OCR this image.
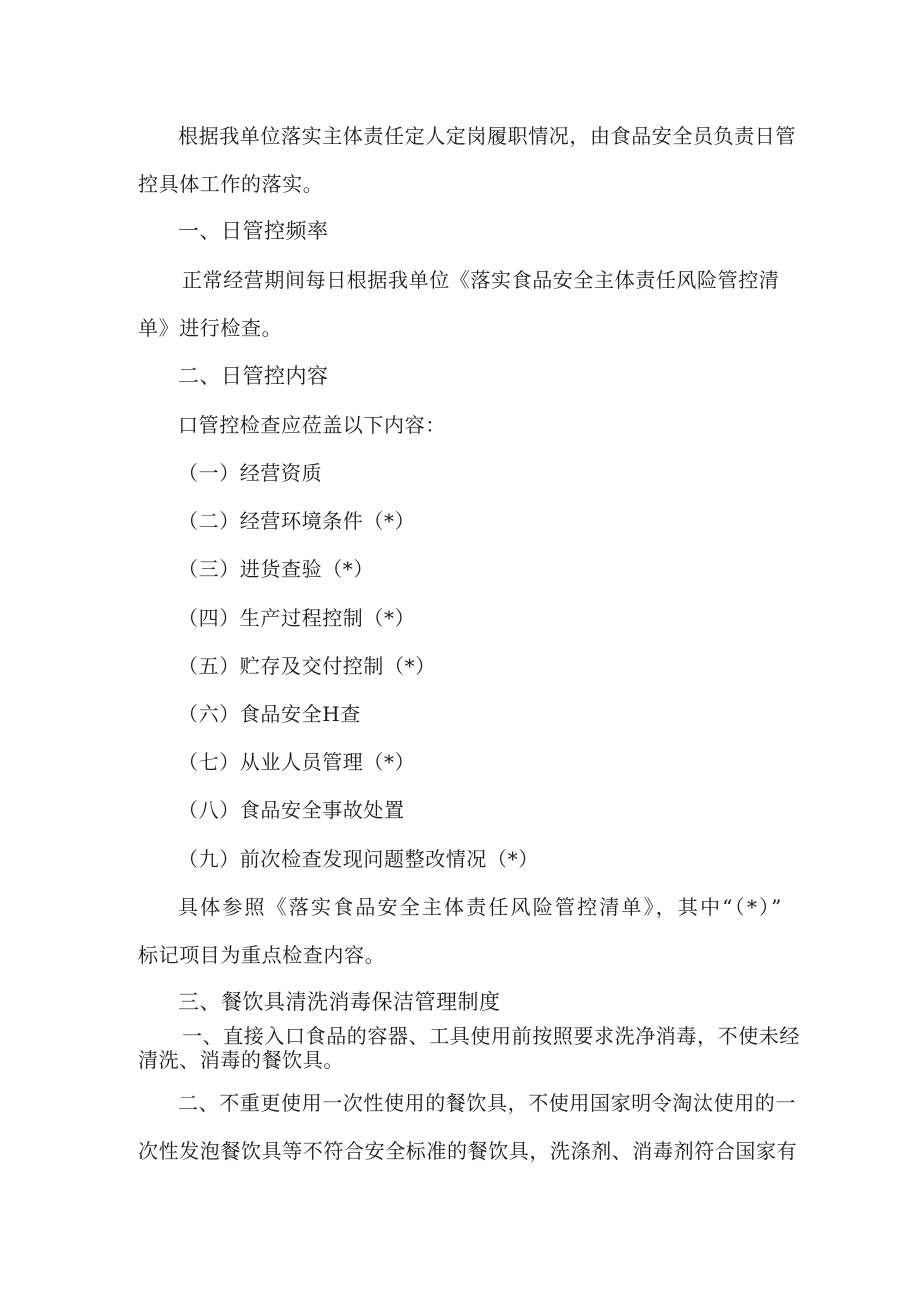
根据我单位落实主体责任定人定岗履职情况，由食品安全员负责日管
控具体工作的落实。
一、日管控频率
正常经营期间每日根据我单位《落实食品安全主体责任风险管控清
单》进行检查。
二、日管控内容
口管控检查应莅盖以下内容：
（一）经营资质
（二）经营环境条件（*）
（三）进货查验（*）
（四）生产过程控制（*）
（五）贮存及交付控制（*）
（六）食品安全H查
（七）从业人员管理（*）
（八）食品安全事故处置
（九）前次检查发现问题整改情况（*）
具体参照《落实食品安全主体责任风险管控清单》，其中“（*）”
标记项目为重点检查内容。
三、餐饮具清洗消毒保洁管理制度
一、直接入口食品的容器、工具使用前按照要求洗净消毒，不使未经
清洗、消毒的餐饮具。
二、不重更使用一次性使用的餐饮具，不使用国家明令淘汰使用的一
次性发泡餐饮具等不符合安全标准的餐饮具，洗涤剂、消毒剂符合国家有
